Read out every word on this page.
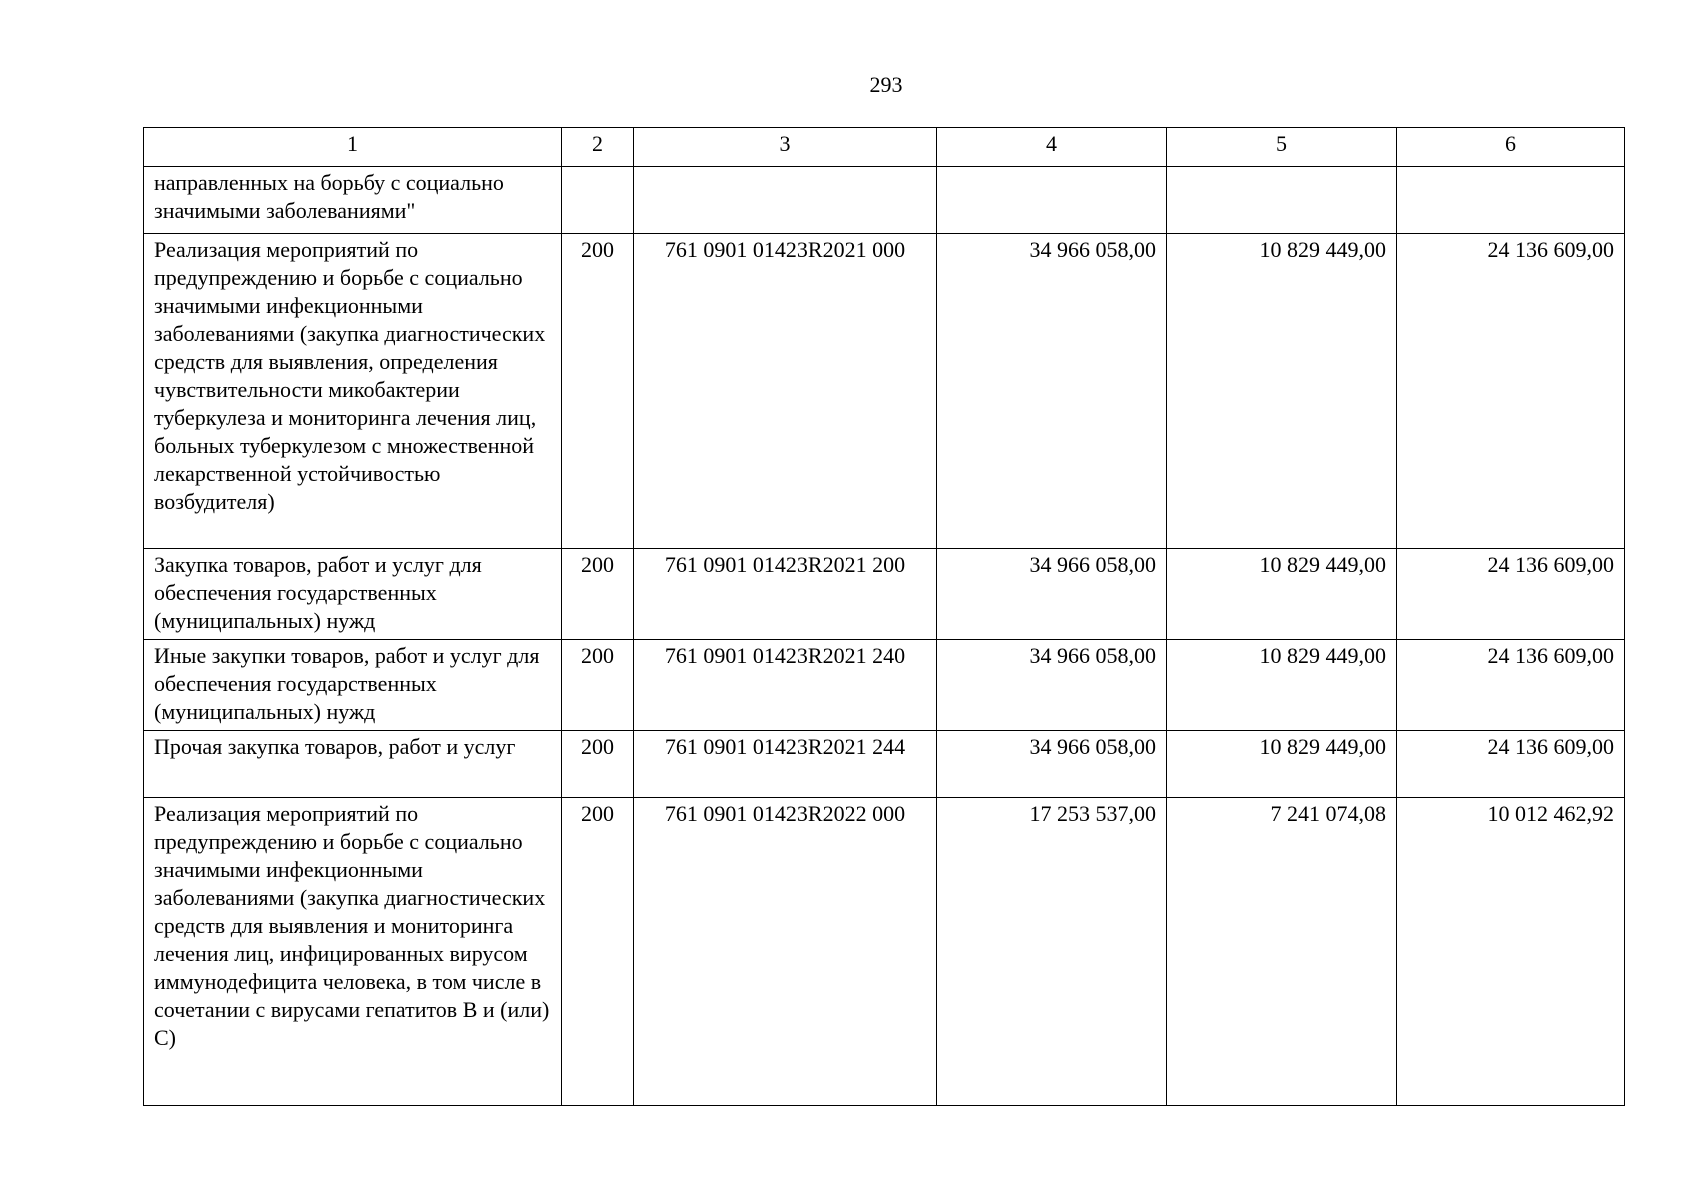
293
1	2	3	4	5	6
направленных на борьбу с социально значимыми заболеваниями"					
Реализация мероприятий по предупреждению и борьбе с социально значимыми инфекционными заболеваниями (закупка диагностических средств для выявления, определения чувствительности микобактерии туберкулеза и мониторинга лечения лиц, больных туберкулезом с множественной лекарственной устойчивостью возбудителя)	200	761 0901 01423R2021 000	34 966 058,00	10 829 449,00	24 136 609,00
Закупка товаров, работ и услуг для обеспечения государственных (муниципальных) нужд	200	761 0901 01423R2021 200	34 966 058,00	10 829 449,00	24 136 609,00
Иные закупки товаров, работ и услуг для обеспечения государственных (муниципальных) нужд	200	761 0901 01423R2021 240	34 966 058,00	10 829 449,00	24 136 609,00
Прочая закупка товаров, работ и услуг	200	761 0901 01423R2021 244	34 966 058,00	10 829 449,00	24 136 609,00
Реализация мероприятий по предупреждению и борьбе с социально значимыми инфекционными заболеваниями (закупка диагностических средств для выявления и мониторинга лечения лиц, инфицированных вирусом иммунодефицита человека, в том числе в сочетании с вирусами гепатитов B и (или) C)	200	761 0901 01423R2022 000	17 253 537,00	7 241 074,08	10 012 462,92
